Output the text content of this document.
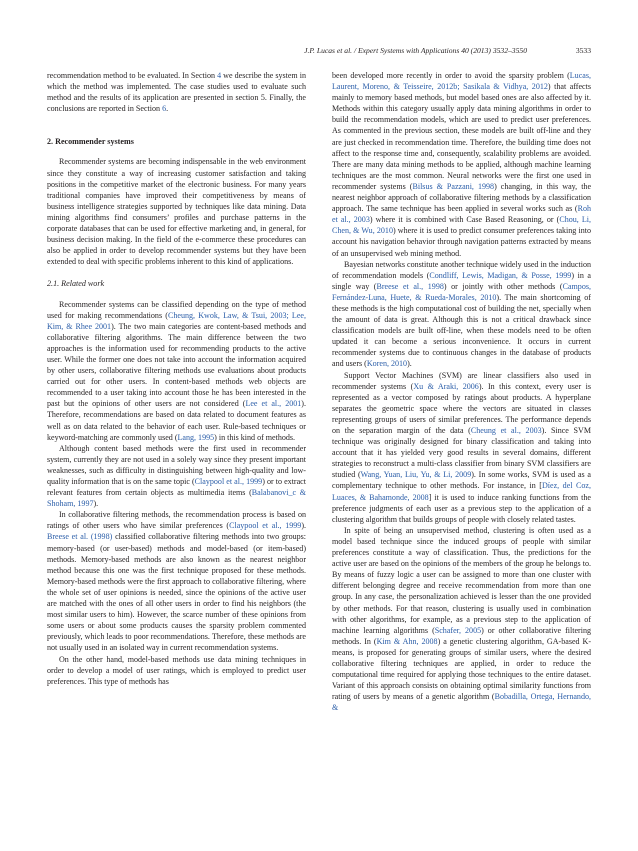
J.P. Lucas et al. / Expert Systems with Applications 40 (2013) 3532–3550	3533

recommendation method to be evaluated. In Section 4 we describe the system in which the method was implemented. The case studies used to evaluate such method and the results of its application are presented in section 5. Finally, the conclusions are reported in Section 6.

2. Recommender systems

Recommender systems are becoming indispensable in the web environment since they constitute a way of increasing customer satisfaction and taking positions in the competitive market of the electronic business. For many years traditional companies have improved their competitiveness by means of business intelligence strategies supported by techniques like data mining. Data mining algorithms find consumers’ profiles and purchase patterns in the corporate databases that can be used for effective marketing and, in general, for business decision making. In the field of the e-commerce these procedures can also be applied in order to develop recommender systems but they have been extended to deal with specific problems inherent to this kind of applications.

2.1. Related work

Recommender systems can be classified depending on the type of method used for making recommendations (Cheung, Kwok, Law, & Tsui, 2003; Lee, Kim, & Rhee 2001). The two main categories are content-based methods and collaborative filtering algorithms. The main difference between the two approaches is the information used for recommending products to the active user. While the former one does not take into account the information acquired by other users, collaborative filtering methods use evaluations about products carried out for other users. In content-based methods web objects are recommended to a user taking into account those he has been interested in the past but the opinions of other users are not considered (Lee et al., 2001). Therefore, recommendations are based on data related to document features as well as on data related to the behavior of each user. Rule-based techniques or keyword-matching are commonly used (Lang, 1995) in this kind of methods.

Although content based methods were the first used in recommender system, currently they are not used in a solely way since they present important weaknesses, such as difficulty in distinguishing between high-quality and low-quality information that is on the same topic (Claypool et al., 1999) or to extract relevant features from certain objects as multimedia items (Balabanovi_c & Shoham, 1997).

In collaborative filtering methods, the recommendation process is based on ratings of other users who have similar preferences (Claypool et al., 1999). Breese et al. (1998) classified collaborative filtering methods into two groups: memory-based (or user-based) methods and model-based (or item-based) methods. Memory-based methods are also known as the nearest neighbor method because this one was the first technique proposed for these methods. Memory-based methods were the first approach to collaborative filtering, where the whole set of user opinions is needed, since the opinions of the active user are matched with the ones of all other users in order to find his neighbors (the most similar users to him). However, the scarce number of these opinions from some users or about some products causes the sparsity problem commented previously, which leads to poor recommendations. Therefore, these methods are not usually used in an isolated way in current recommendation systems.

On the other hand, model-based methods use data mining techniques in order to develop a model of user ratings, which is employed to predict user preferences. This type of methods has

been developed more recently in order to avoid the sparsity problem (Lucas, Laurent, Moreno, & Teisseire, 2012b; Sasikala & Vidhya, 2012) that affects mainly to memory based methods, but model based ones are also affected by it. Methods within this category usually apply data mining algorithms in order to build the recommendation models, which are used to predict user preferences. As commented in the previous section, these models are built off-line and they are just checked in recommendation time. Therefore, the building time does not affect to the response time and, consequently, scalability problems are avoided. There are many data mining methods to be applied, although machine learning techniques are the most common. Neural networks were the first one used in recommender systems (Bilsus & Pazzani, 1998) changing, in this way, the nearest neighbor approach of collaborative filtering methods by a classification approach. The same technique has been applied in several works such as (Roh et al., 2003) where it is combined with Case Based Reasoning, or (Chou, Li, Chen, & Wu, 2010) where it is used to predict consumer preferences taking into account his navigation behavior through navigation patterns extracted by means of an unsupervised web mining method.

Bayesian networks constitute another technique widely used in the induction of recommendation models (Condliff, Lewis, Madigan, & Posse, 1999) in a single way (Breese et al., 1998) or jointly with other methods (Campos, Fernández-Luna, Huete, & Rueda-Morales, 2010). The main shortcoming of these methods is the high computational cost of building the net, specially when the amount of data is great. Although this is not a critical drawback since classification models are built off-line, when these models need to be often updated it can become a serious inconvenience. It occurs in current recommender systems due to continuous changes in the database of products and users (Koren, 2010).

Support Vector Machines (SVM) are linear classifiers also used in recommender systems (Xu & Araki, 2006). In this context, every user is represented as a vector composed by ratings about products. A hyperplane separates the geometric space where the vectors are situated in classes representing groups of users of similar preferences. The performance depends on the separation margin of the data (Cheung et al., 2003). Since SVM technique was originally designed for binary classification and taking into account that it has yielded very good results in several domains, different strategies to reconstruct a multi-class classifier from binary SVM classifiers are studied (Wang, Yuan, Liu, Yu, & Li, 2009). In some works, SVM is used as a complementary technique to other methods. For instance, in [Díez, del Coz, Luaces, & Bahamonde, 2008] it is used to induce ranking functions from the preference judgments of each user as a previous step to the application of a clustering algorithm that builds groups of people with closely related tastes.

In spite of being an unsupervised method, clustering is often used as a model based technique since the induced groups of people with similar preferences constitute a way of classification. Thus, the predictions for the active user are based on the opinions of the members of the group he belongs to. By means of fuzzy logic a user can be assigned to more than one cluster with different belonging degree and receive recommendation from more than one group. In any case, the personalization achieved is lesser than the one provided by other methods. For that reason, clustering is usually used in combination with other algorithms, for example, as a previous step to the application of machine learning algorithms (Schafer, 2005) or other collaborative filtering methods. In (Kim & Ahn, 2008) a genetic clustering algorithm, GA-based K-means, is proposed for generating groups of similar users, where the desired collaborative filtering techniques are applied, in order to reduce the computational time required for applying those techniques to the entire dataset. Variant of this approach consists on obtaining optimal similarity functions from rating of users by means of a genetic algorithm (Bobadilla, Ortega, Hernando, &
